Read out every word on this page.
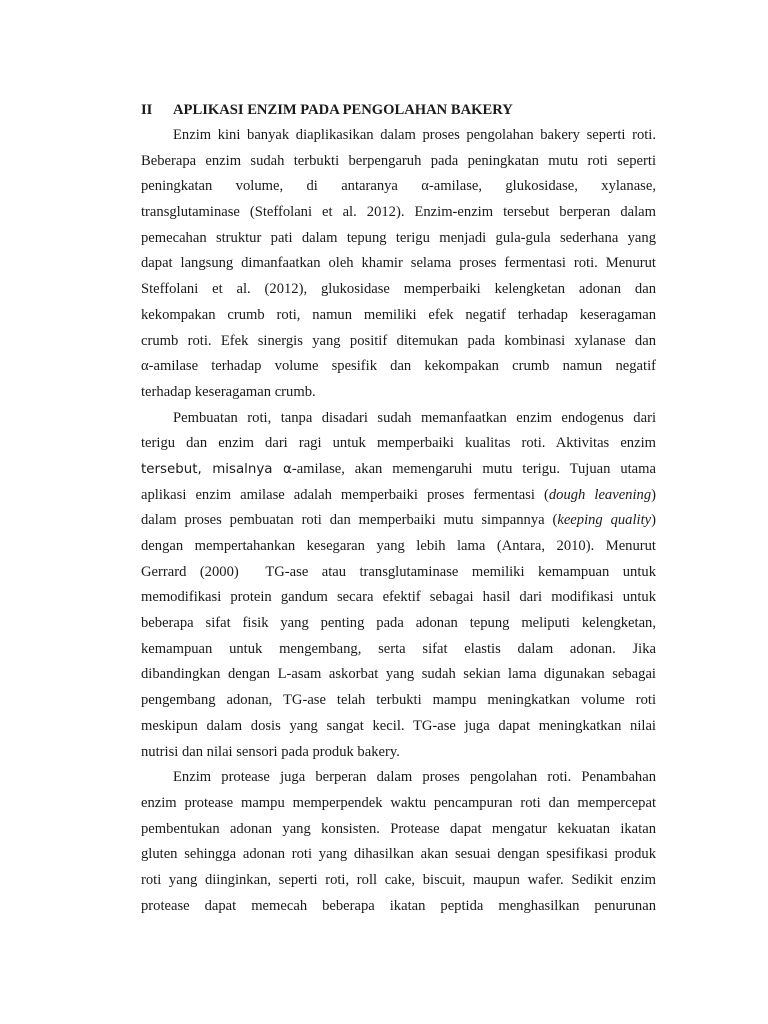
II APLIKASI ENZIM PADA PENGOLAHAN BAKERY
Enzim kini banyak diaplikasikan dalam proses pengolahan bakery seperti roti.
Beberapa enzim sudah terbukti berpengaruh pada peningkatan mutu roti seperti
peningkatan volume, di antaranya α-amilase, glukosidase, xylanase,
transglutaminase (Steffolani et al. 2012). Enzim-enzim tersebut berperan dalam
pemecahan struktur pati dalam tepung terigu menjadi gula-gula sederhana yang
dapat langsung dimanfaatkan oleh khamir selama proses fermentasi roti. Menurut
Steffolani et al. (2012), glukosidase memperbaiki kelengketan adonan dan
kekompakan crumb roti, namun memiliki efek negatif terhadap keseragaman
crumb roti. Efek sinergis yang positif ditemukan pada kombinasi xylanase dan
α-amilase terhadap volume spesifik dan kekompakan crumb namun negatif
terhadap keseragaman crumb.
Pembuatan roti, tanpa disadari sudah memanfaatkan enzim endogenus dari
terigu dan enzim dari ragi untuk memperbaiki kualitas roti. Aktivitas enzim
tersebut, misalnya α-amilase, akan memengaruhi mutu terigu. Tujuan utama
aplikasi enzim amilase adalah memperbaiki proses fermentasi (dough leavening)
dalam proses pembuatan roti dan memperbaiki mutu simpannya (keeping quality)
dengan mempertahankan kesegaran yang lebih lama (Antara, 2010). Menurut
Gerrard (2000)  TG-ase atau transglutaminase memiliki kemampuan untuk
memodifikasi protein gandum secara efektif sebagai hasil dari modifikasi untuk
beberapa sifat fisik yang penting pada adonan tepung meliputi kelengketan,
kemampuan untuk mengembang, serta sifat elastis dalam adonan. Jika
dibandingkan dengan L-asam askorbat yang sudah sekian lama digunakan sebagai
pengembang adonan, TG-ase telah terbukti mampu meningkatkan volume roti
meskipun dalam dosis yang sangat kecil. TG-ase juga dapat meningkatkan nilai
nutrisi dan nilai sensori pada produk bakery.
Enzim protease juga berperan dalam proses pengolahan roti. Penambahan
enzim protease mampu memperpendek waktu pencampuran roti dan mempercepat
pembentukan adonan yang konsisten. Protease dapat mengatur kekuatan ikatan
gluten sehingga adonan roti yang dihasilkan akan sesuai dengan spesifikasi produk
roti yang diinginkan, seperti roti, roll cake, biscuit, maupun wafer. Sedikit enzim
protease dapat memecah beberapa ikatan peptida menghasilkan penurunan
